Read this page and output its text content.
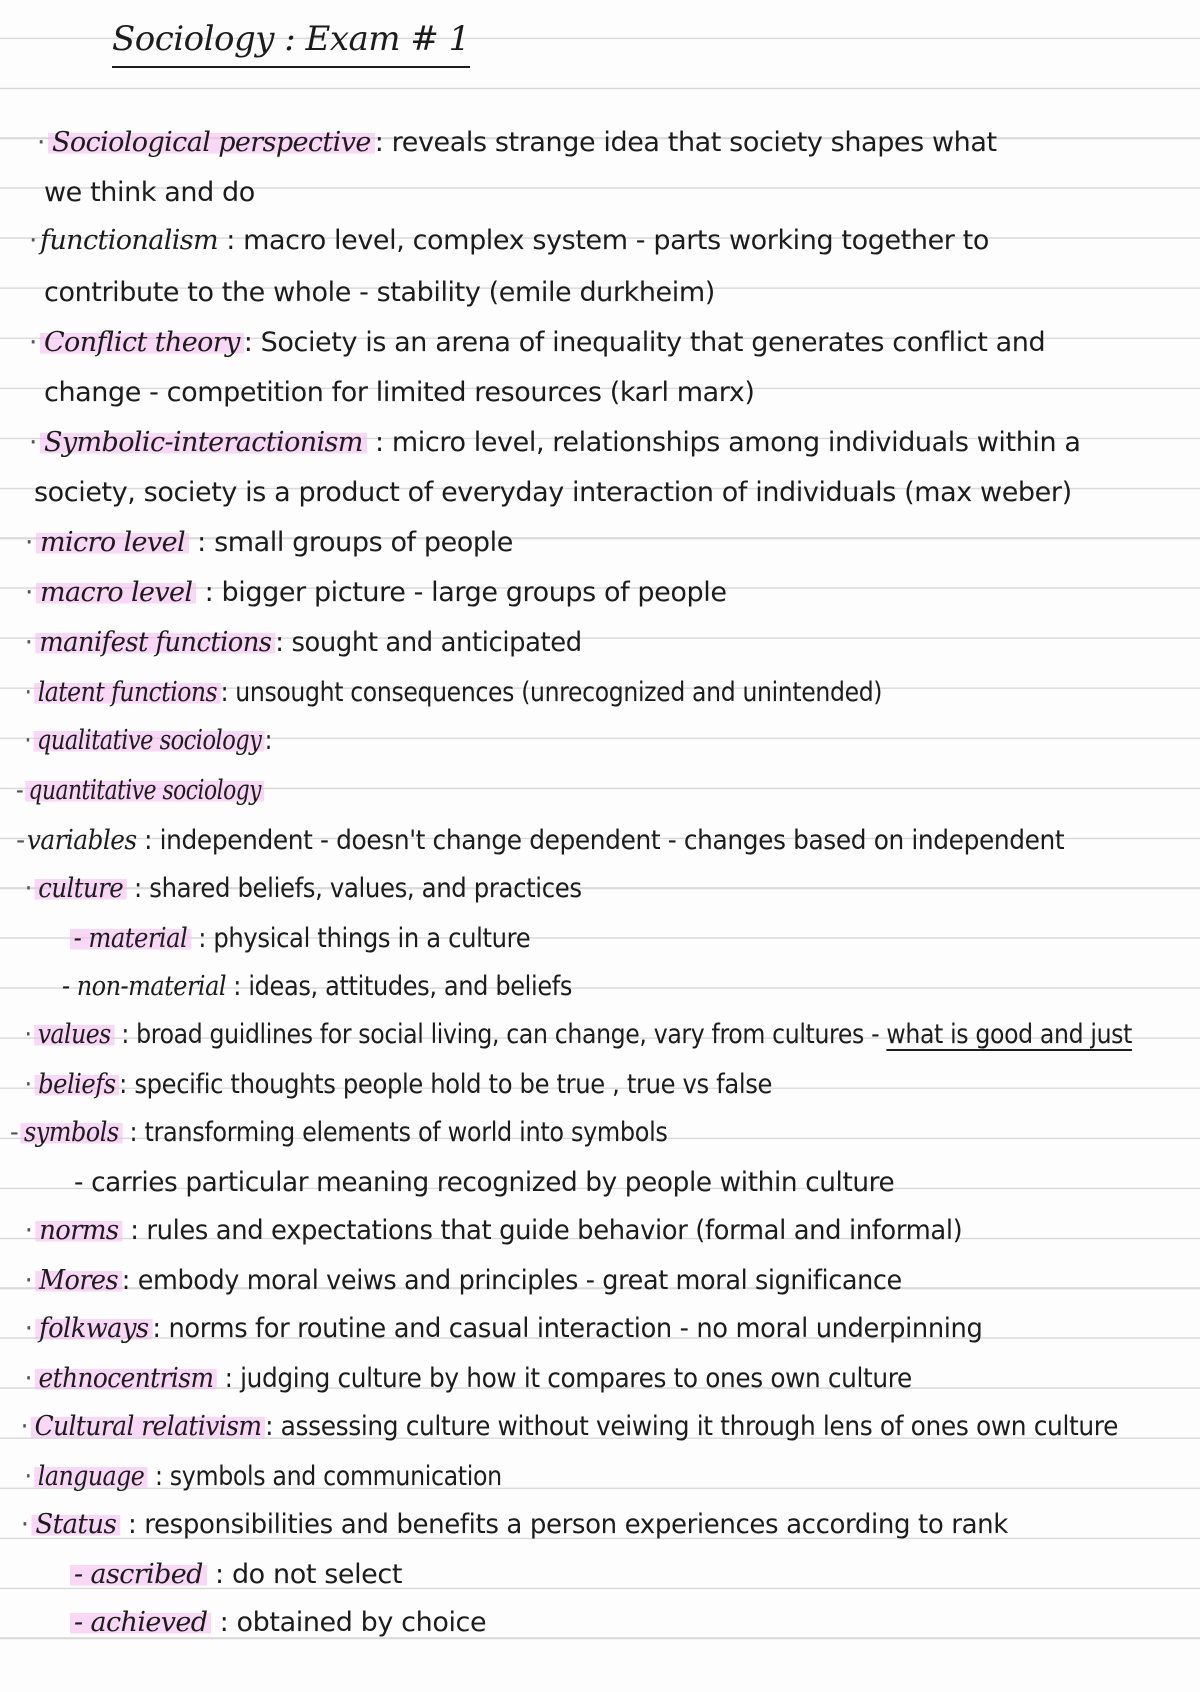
Sociology : Exam # 1
· Sociological perspective : reveals strange idea that society shapes what
we think and do
· functionalism : macro level, complex system - parts working together to
contribute to the whole - stability (emile durkheim)
· Conflict theory : Society is an arena of inequality that generates conflict and
change - competition for limited resources (karl marx)
· Symbolic-interactionism : micro level, relationships among individuals within a
society, society is a product of everyday interaction of individuals (max weber)
· micro level : small groups of people
· macro level : bigger picture - large groups of people
· manifest functions : sought and anticipated
· latent functions : unsought consequences (unrecognized and unintended)
· qualitative sociology :
- quantitative sociology
-variables : independent - doesn't change dependent - changes based on independent
· culture : shared beliefs, values, and practices
- material : physical things in a culture
- non-material : ideas, attitudes, and beliefs
· values : broad guidlines for social living, can change, vary from cultures - what is good and just
· beliefs : specific thoughts people hold to be true , true vs false
- symbols : transforming elements of world into symbols
- carries particular meaning recognized by people within culture
· norms : rules and expectations that guide behavior (formal and informal)
· Mores : embody moral veiws and principles - great moral significance
· folkways : norms for routine and casual interaction - no moral underpinning
· ethnocentrism : judging culture by how it compares to ones own culture
· Cultural relativism : assessing culture without veiwing it through lens of ones own culture
· language : symbols and communication
· Status : responsibilities and benefits a person experiences according to rank
- ascribed : do not select
- achieved : obtained by choice
